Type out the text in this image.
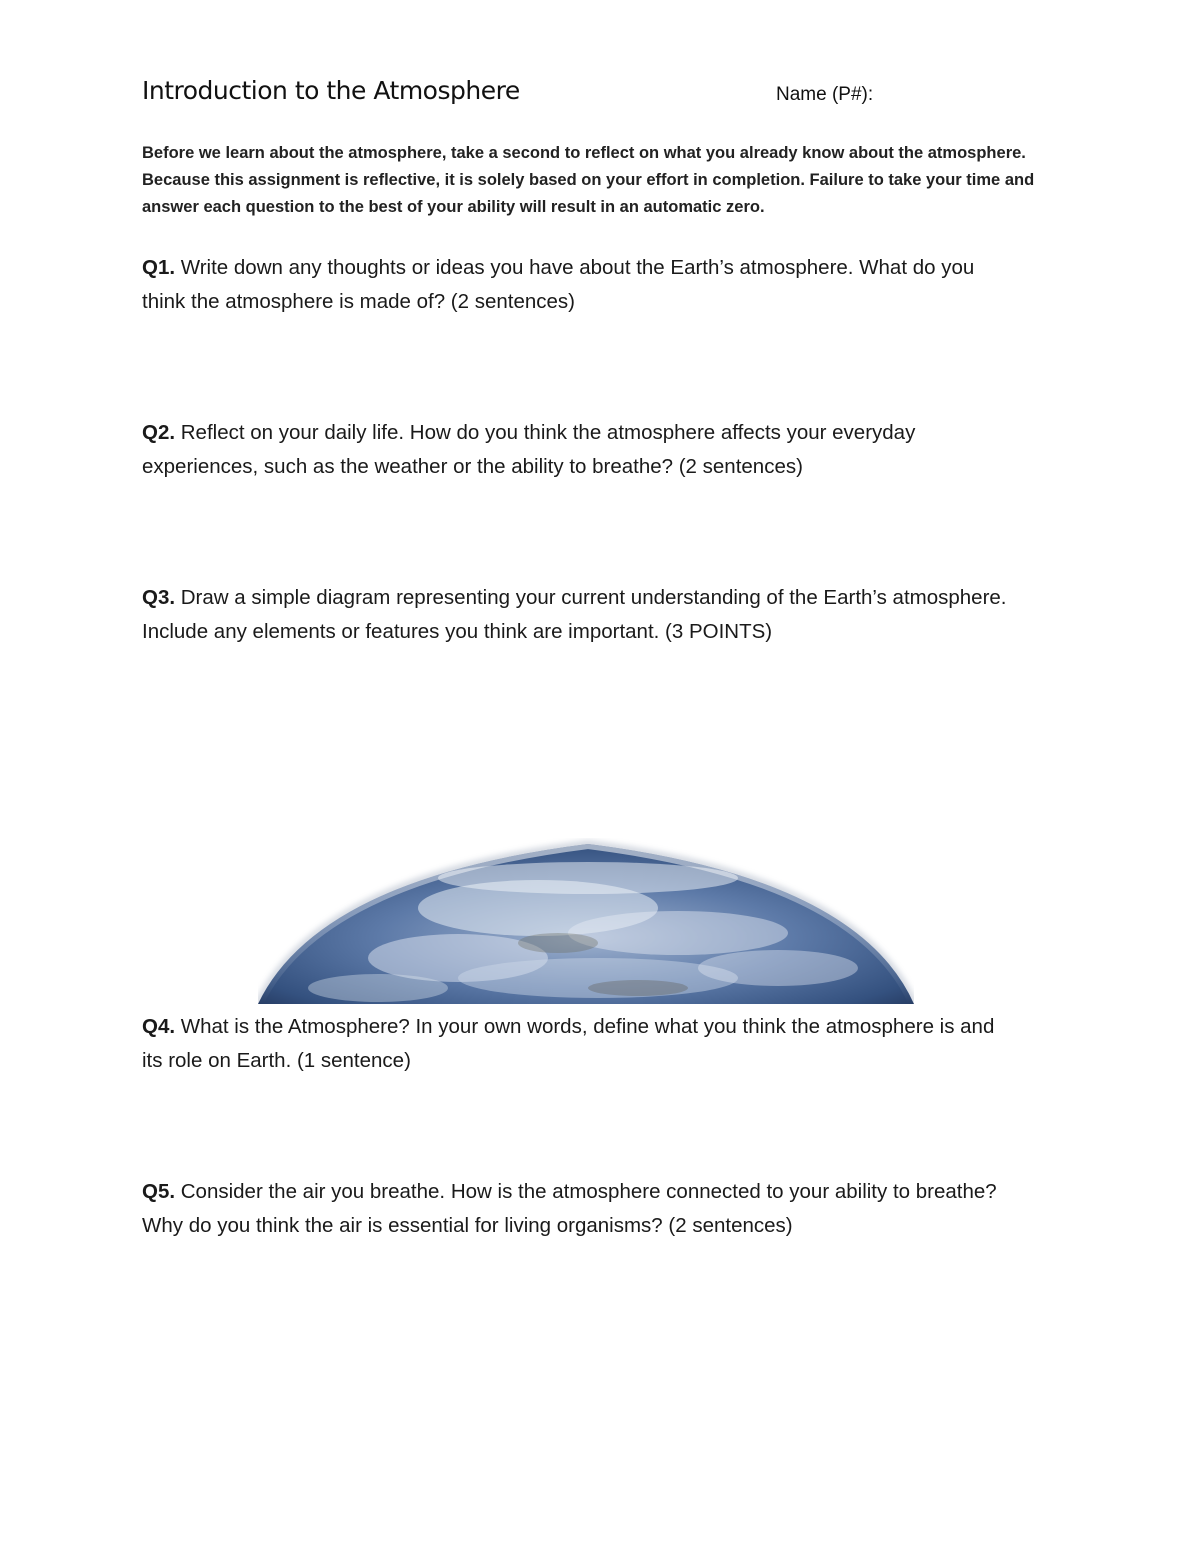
Introduction to the Atmosphere	Name (P#):
Before we learn about the atmosphere, take a second to reflect on what you already know about the atmosphere.
Because this assignment is reflective, it is solely based on your effort in completion. Failure to take your time and
answer each question to the best of your ability will result in an automatic zero.
Q1. Write down any thoughts or ideas you have about the Earth’s atmosphere. What do you
think the atmosphere is made of? (2 sentences)
Q2. Reflect on your daily life. How do you think the atmosphere affects your everyday
experiences, such as the weather or the ability to breathe? (2 sentences)
Q3. Draw a simple diagram representing your current understanding of the Earth’s atmosphere.
Include any elements or features you think are important. (3 POINTS)
Q4. What is the Atmosphere? In your own words, define what you think the atmosphere is and
its role on Earth. (1 sentence)
Q5. Consider the air you breathe. How is the atmosphere connected to your ability to breathe?
Why do you think the air is essential for living organisms? (2 sentences)
